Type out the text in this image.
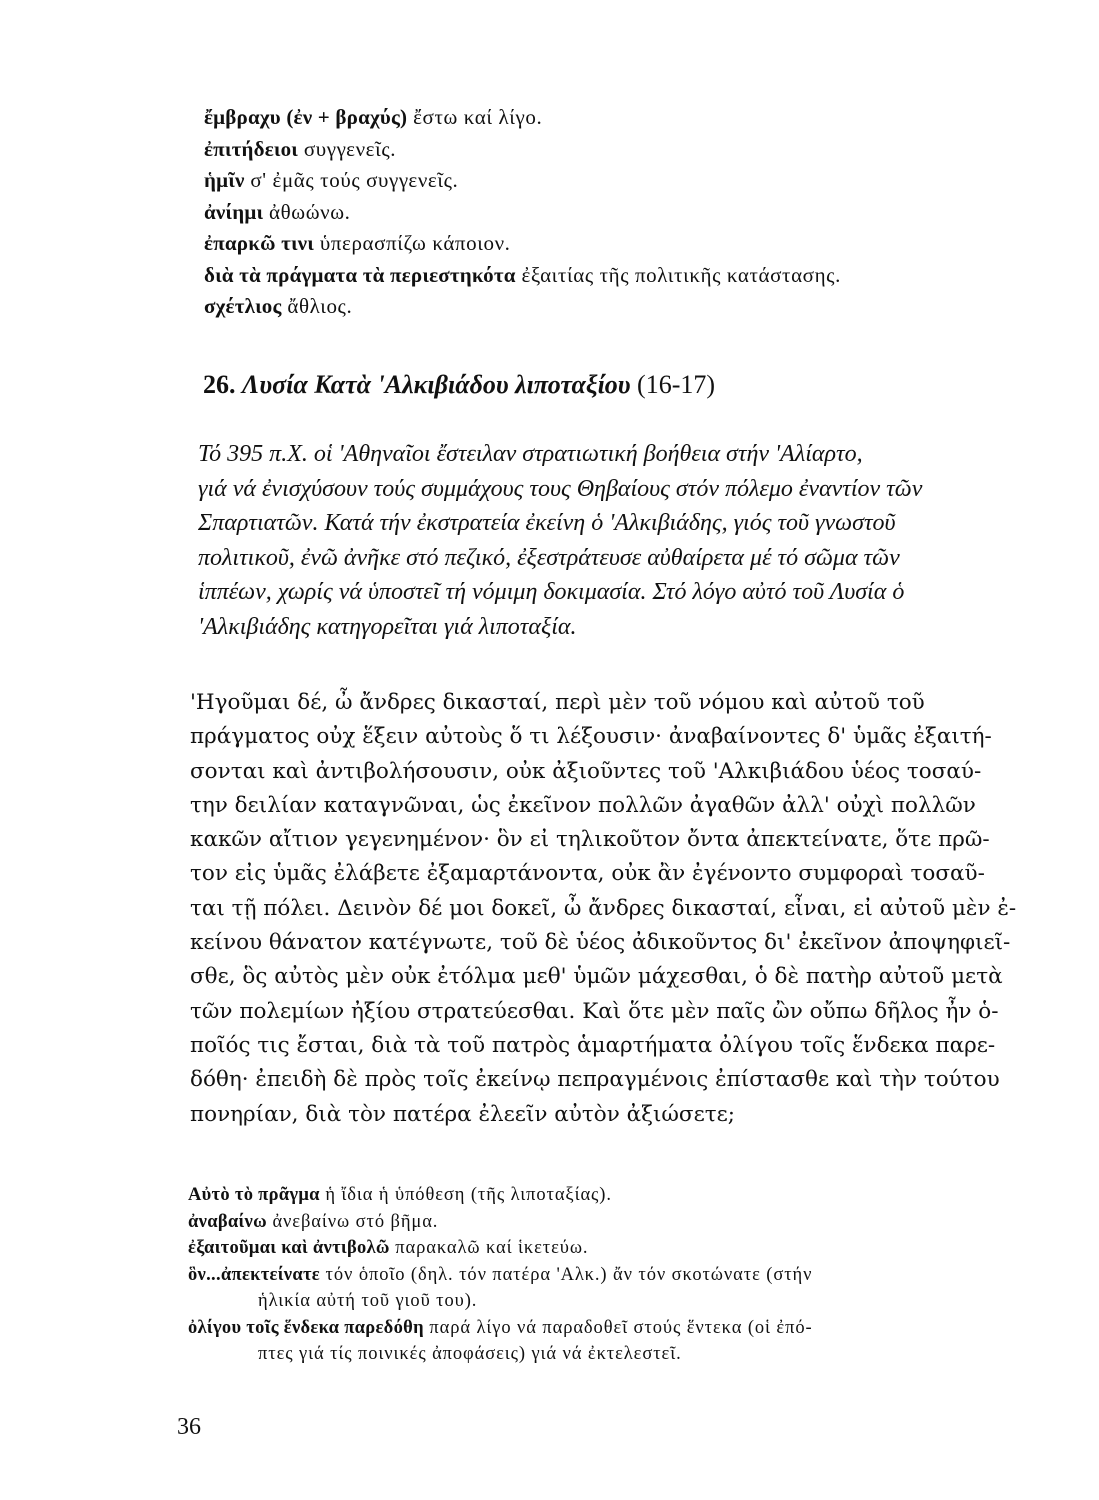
ἔμβραχυ (ἐν + βραχύς) ἔστω καί λίγο.
ἐπιτήδειοι συγγενεῖς.
ἡμῖν σ' ἐμᾶς τούς συγγενεῖς.
ἀνίημι ἀθωώνω.
ἐπαρκῶ τινι ὑπερασπίζω κάποιον.
διὰ τὰ πράγματα τὰ περιεστηκότα ἐξαιτίας τῆς πολιτικῆς κατάστασης.
σχέτλιος ἄθλιος.
26. Λυσία Κατὰ 'Αλκιβιάδου λιποταξίου (16-17)
Τό 395 π.Χ. οἱ 'Αθηναῖοι ἔστειλαν στρατιωτική βοήθεια στήν 'Αλίαρτο,
γιά νά ἐνισχύσουν τούς συμμάχους τους Θηβαίους στόν πόλεμο ἐναντίον τῶν
Σπαρτιατῶν. Κατά τήν ἐκστρατεία ἐκείνη ὁ 'Αλκιβιάδης, γιός τοῦ γνωστοῦ
πολιτικοῦ, ἐνῶ ἀνῆκε στό πεζικό, ἐξεστράτευσε αὐθαίρετα μέ τό σῶμα τῶν
ἱππέων, χωρίς νά ὑποστεῖ τή νόμιμη δοκιμασία. Στό λόγο αὐτό τοῦ Λυσία ὁ
'Αλκιβιάδης κατηγορεῖται γιά λιποταξία.
'Ηγοῦμαι δέ, ὦ ἄνδρες δικασταί, περὶ μὲν τοῦ νόμου καὶ αὐτοῦ τοῦ
πράγματος οὐχ ἕξειν αὐτοὺς ὅ τι λέξουσιν· ἀναβαίνοντες δ' ὑμᾶς ἐξαιτή-
σονται καὶ ἀντιβολήσουσιν, οὐκ ἀξιοῦντες τοῦ 'Αλκιβιάδου ὑέος τοσαύ-
την δειλίαν καταγνῶναι, ὡς ἐκεῖνον πολλῶν ἀγαθῶν ἀλλ' οὐχὶ πολλῶν
κακῶν αἴτιον γεγενημένον· ὃν εἰ τηλικοῦτον ὄντα ἀπεκτείνατε, ὅτε πρῶ-
τον εἰς ὑμᾶς ἐλάβετε ἐξαμαρτάνοντα, οὐκ ἂν ἐγένοντο συμφοραὶ τοσαῦ-
ται τῇ πόλει. Δεινὸν δέ μοι δοκεῖ, ὦ ἄνδρες δικασταί, εἶναι, εἰ αὐτοῦ μὲν ἐ-
κείνου θάνατον κατέγνωτε, τοῦ δὲ ὑέος ἀδικοῦντος δι' ἐκεῖνον ἀποψηφιεῖ-
σθε, ὃς αὐτὸς μὲν οὐκ ἐτόλμα μεθ' ὑμῶν μάχεσθαι, ὁ δὲ πατὴρ αὐτοῦ μετὰ
τῶν πολεμίων ἠξίου στρατεύεσθαι. Καὶ ὅτε μὲν παῖς ὢν οὔπω δῆλος ἦν ὁ-
ποῖός τις ἔσται, διὰ τὰ τοῦ πατρὸς ἁμαρτήματα ὀλίγου τοῖς ἕνδεκα παρε-
δόθη· ἐπειδὴ δὲ πρὸς τοῖς ἐκείνῳ πεπραγμένοις ἐπίστασθε καὶ τὴν τούτου
πονηρίαν, διὰ τὸν πατέρα ἐλεεῖν αὐτὸν ἀξιώσετε;
Αὐτὸ τὸ πρᾶγμα ἡ ἴδια ἡ ὑπόθεση (τῆς λιποταξίας).
ἀναβαίνω ἀνεβαίνω στό βῆμα.
ἐξαιτοῦμαι καὶ ἀντιβολῶ παρακαλῶ καί ἱκετεύω.
ὃν...ἀπεκτείνατε τόν ὁποῖο (δηλ. τόν πατέρα 'Αλκ.) ἄν τόν σκοτώνατε (στήν
ἡλικία αὐτή τοῦ γιοῦ του).
ὀλίγου τοῖς ἕνδεκα παρεδόθη παρά λίγο νά παραδοθεῖ στούς ἕντεκα (οἱ ἐπό-
πτες γιά τίς ποινικές ἀποφάσεις) γιά νά ἐκτελεστεῖ.
36
